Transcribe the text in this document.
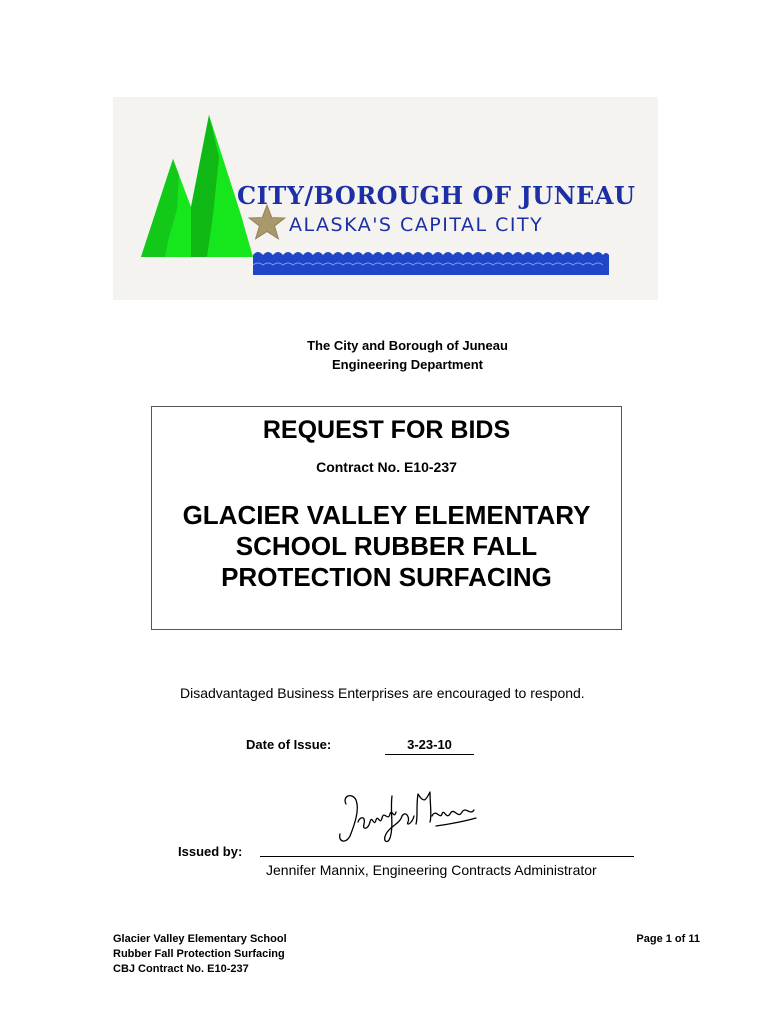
CITY/BOROUGH OF JUNEAU
ALASKA'S CAPITAL CITY
The City and Borough of Juneau
Engineering Department
REQUEST FOR BIDS
Contract No. E10-237
GLACIER VALLEY ELEMENTARY
SCHOOL RUBBER FALL
PROTECTION SURFACING
Disadvantaged Business Enterprises are encouraged to respond.
Date of Issue:	3-23-10
Issued by:
Jennifer Mannix, Engineering Contracts Administrator
Glacier Valley Elementary School
Rubber Fall Protection Surfacing
CBJ Contract No. E10-237
Page 1 of 11
